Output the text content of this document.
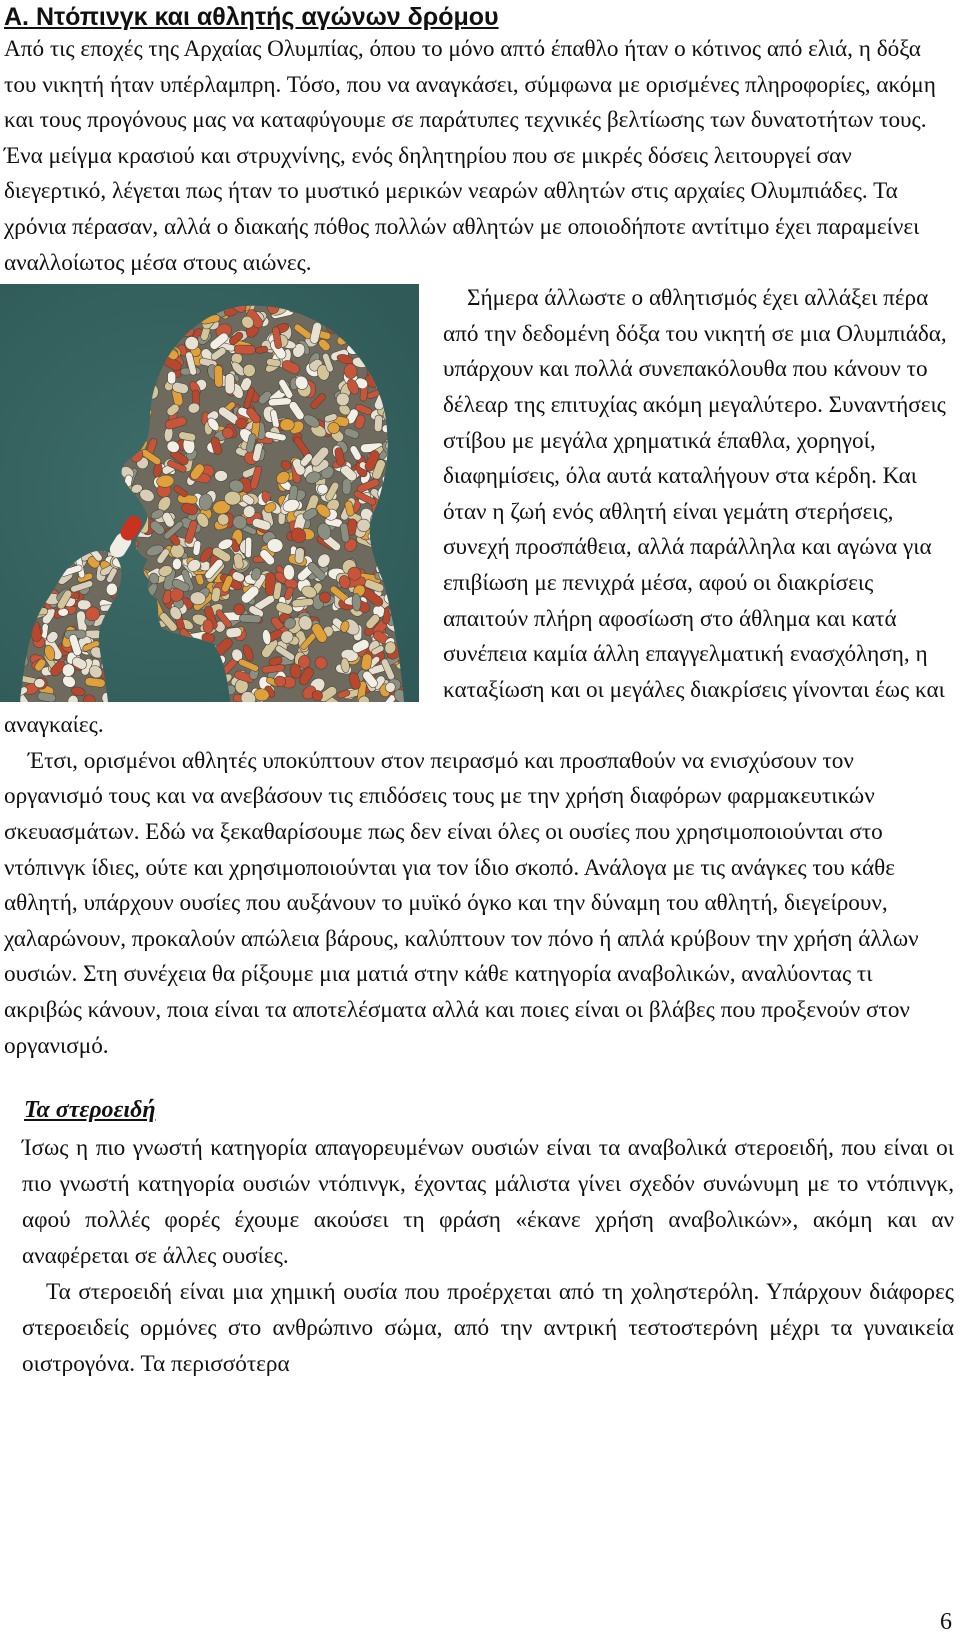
Α. Ντόπινγκ και αθλητής αγώνων δρόμου

Από τις εποχές της Αρχαίας Ολυμπίας, όπου το μόνο απτό έπαθλο ήταν ο κότινος από ελιά, η δόξα του νικητή ήταν υπέρλαμπρη. Τόσο, που να αναγκάσει, σύμφωνα με ορισμένες πληροφορίες, ακόμη και τους προγόνους μας να καταφύγουμε σε παράτυπες τεχνικές βελτίωσης των δυνατοτήτων τους. Ένα μείγμα κρασιού και στρυχνίνης, ενός δηλητηρίου που σε μικρές δόσεις λειτουργεί σαν διεγερτικό, λέγεται πως ήταν το μυστικό μερικών νεαρών αθλητών στις αρχαίες Ολυμπιάδες. Τα χρόνια πέρασαν, αλλά ο διακαής πόθος πολλών αθλητών με οποιοδήποτε αντίτιμο έχει παραμείνει αναλλοίωτος μέσα στους αιώνες.

Σήμερα άλλωστε ο αθλητισμός έχει αλλάξει πέρα από την δεδομένη δόξα του νικητή σε μια Ολυμπιάδα, υπάρχουν και πολλά συνεπακόλουθα που κάνουν το δέλεαρ της επιτυχίας ακόμη μεγαλύτερο. Συναντήσεις στίβου με μεγάλα χρηματικά έπαθλα, χορηγοί, διαφημίσεις, όλα αυτά καταλήγουν στα κέρδη. Και όταν η ζωή ενός αθλητή είναι γεμάτη στερήσεις, συνεχή προσπάθεια, αλλά παράλληλα και αγώνα για επιβίωση με πενιχρά μέσα, αφού οι διακρίσεις απαιτούν πλήρη αφοσίωση στο άθλημα και κατά συνέπεια καμία άλλη επαγγελματική ενασχόληση, η καταξίωση και οι μεγάλες διακρίσεις γίνονται έως και αναγκαίες.

Έτσι, ορισμένοι αθλητές υποκύπτουν στον πειρασμό και προσπαθούν να ενισχύσουν τον οργανισμό τους και να ανεβάσουν τις επιδόσεις τους με την χρήση διαφόρων φαρμακευτικών σκευασμάτων. Εδώ να ξεκαθαρίσουμε πως δεν είναι όλες οι ουσίες που χρησιμοποιούνται στο ντόπινγκ ίδιες, ούτε και χρησιμοποιούνται για τον ίδιο σκοπό. Ανάλογα με τις ανάγκες του κάθε αθλητή, υπάρχουν ουσίες που αυξάνουν το μυϊκό όγκο και την δύναμη του αθλητή, διεγείρουν, χαλαρώνουν, προκαλούν απώλεια βάρους, καλύπτουν τον πόνο ή απλά κρύβουν την χρήση άλλων ουσιών. Στη συνέχεια θα ρίξουμε μια ματιά στην κάθε κατηγορία αναβολικών, αναλύοντας τι ακριβώς κάνουν, ποια είναι τα αποτελέσματα αλλά και ποιες είναι οι βλάβες που προξενούν στον οργανισμό.

Τα στεροειδή

Ίσως η πιο γνωστή κατηγορία απαγορευμένων ουσιών είναι τα αναβολικά στεροειδή, που είναι οι πιο γνωστή κατηγορία ουσιών ντόπινγκ, έχοντας μάλιστα γίνει σχεδόν συνώνυμη με το ντόπινγκ, αφού πολλές φορές έχουμε ακούσει τη φράση «έκανε χρήση αναβολικών», ακόμη και αν αναφέρεται σε άλλες ουσίες.

Τα στεροειδή είναι μια χημική ουσία που προέρχεται από τη χοληστερόλη. Υπάρχουν διάφορες στεροειδείς ορμόνες στο ανθρώπινο σώμα, από την αντρική τεστοστερόνη μέχρι τα γυναικεία οιστρογόνα. Τα περισσότερα

6
